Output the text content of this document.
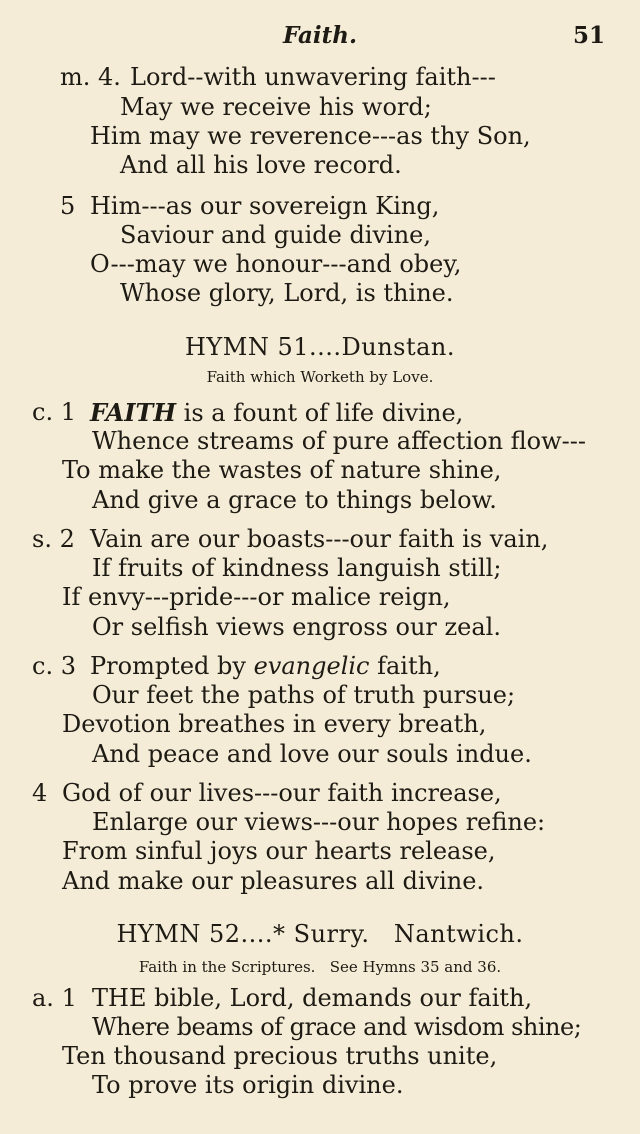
Faith.	51
m. 4. Lord--with unwavering faith---
May we receive his word;
Him may we reverence---as thy Son,
And all his love record.
5 Him---as our sovereign King,
Saviour and guide divine,
O---may we honour---and obey,
Whose glory, Lord, is thine.
HYMN 51....Dunstan.
Faith which Worketh by Love.
c. 1 FAITH is a fount of life divine,
Whence streams of pure affection flow---
To make the wastes of nature shine,
And give a grace to things below.
s. 2 Vain are our boasts---our faith is vain,
If fruits of kindness languish still;
If envy---pride---or malice reign,
Or selfish views engross our zeal.
c. 3 Prompted by evangelic faith,
Our feet the paths of truth pursue;
Devotion breathes in every breath,
And peace and love our souls indue.
4 God of our lives---our faith increase,
Enlarge our views---our hopes refine:
From sinful joys our hearts release,
And make our pleasures all divine.
HYMN 52....* Surry.   Nantwich.
Faith in the Scriptures.   See Hymns 35 and 36.
a. 1 THE bible, Lord, demands our faith,
Where beams of grace and wisdom shine;
Ten thousand precious truths unite,
To prove its origin divine.
